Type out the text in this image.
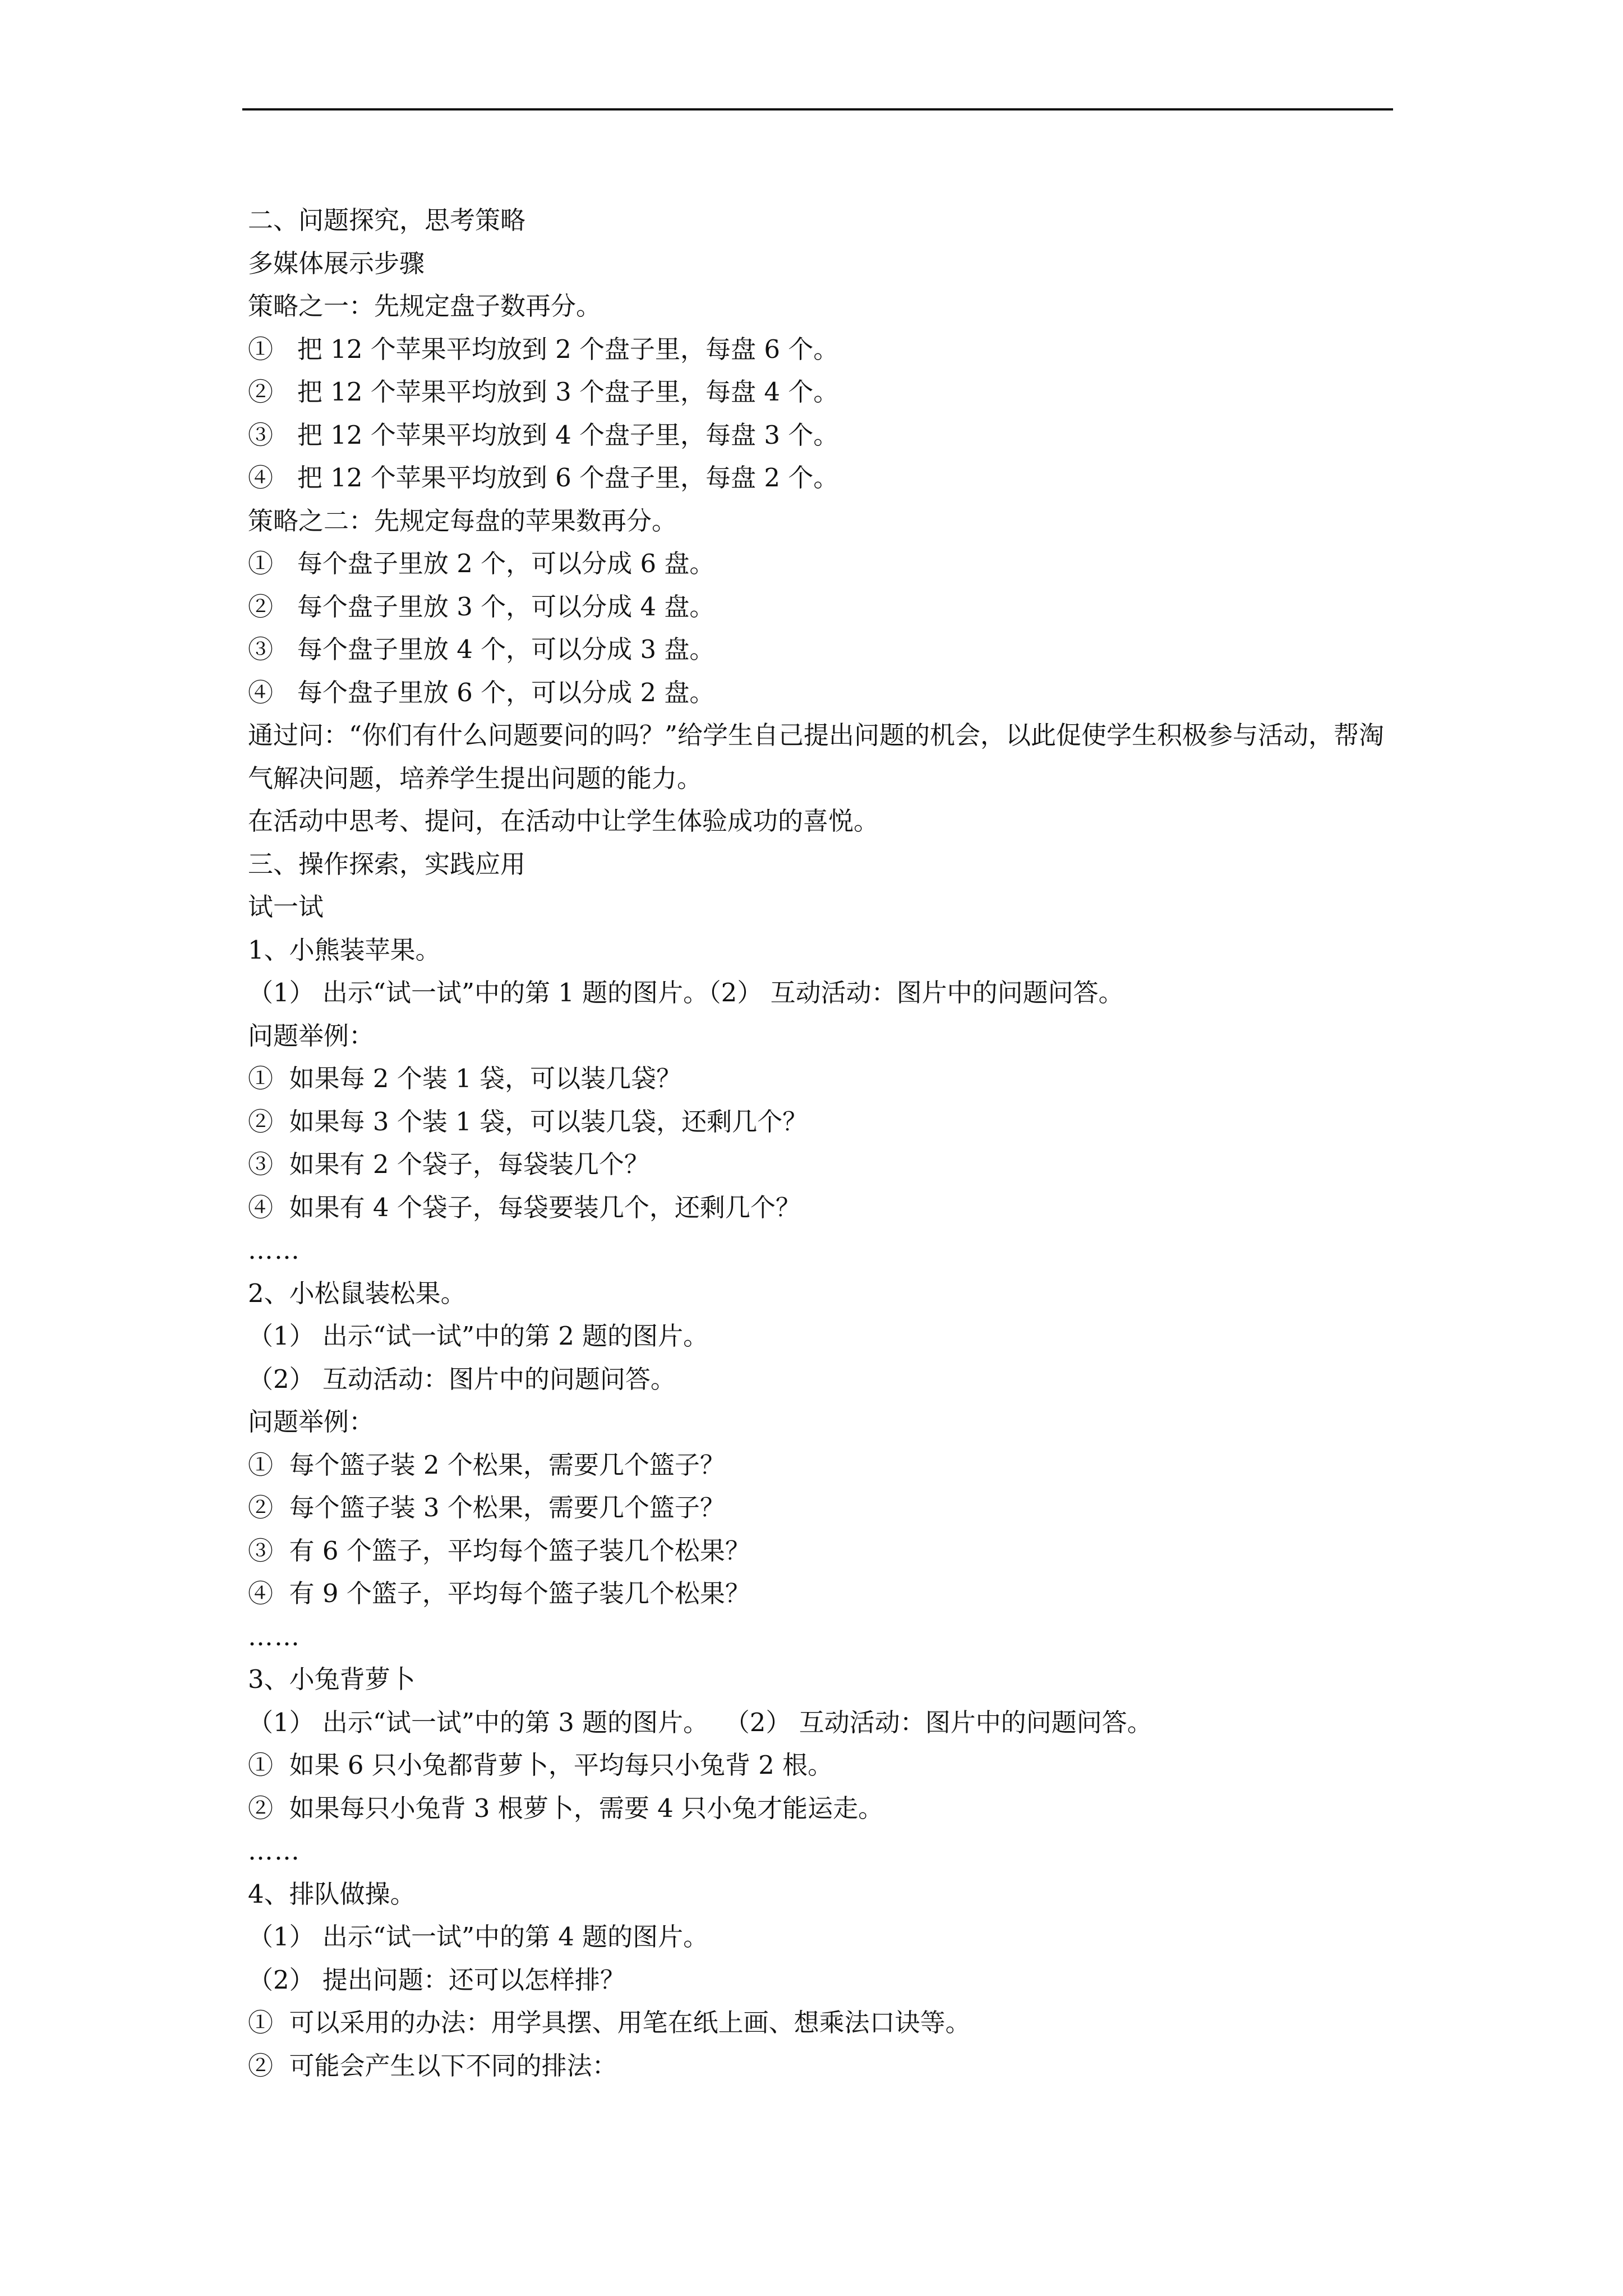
二、问题探究，思考策略

多媒体展示步骤

策略之一：先规定盘子数再分。

①   把 12 个苹果平均放到 2 个盘子里，每盘 6 个。

②   把 12 个苹果平均放到 3 个盘子里，每盘 4 个。

③   把 12 个苹果平均放到 4 个盘子里，每盘 3 个。

④   把 12 个苹果平均放到 6 个盘子里，每盘 2 个。

策略之二：先规定每盘的苹果数再分。

①   每个盘子里放 2 个，可以分成 6 盘。

②   每个盘子里放 3 个，可以分成 4 盘。

③   每个盘子里放 4 个，可以分成 3 盘。

④   每个盘子里放 6 个，可以分成 2 盘。

通过问：“你们有什么问题要问的吗？”给学生自己提出问题的机会，以此促使学生积极参与活动，帮淘气解决问题，培养学生提出问题的能力。

在活动中思考、提问，在活动中让学生体验成功的喜悦。

三、操作探索，实践应用

试一试

1、小熊装苹果。

（1） 出示“试一试”中的第 1 题的图片。（2） 互动活动：图片中的问题问答。

问题举例：

①  如果每 2 个装 1 袋，可以装几袋？

②  如果每 3 个装 1 袋，可以装几袋，还剩几个？

③  如果有 2 个袋子，每袋装几个？

④  如果有 4 个袋子，每袋要装几个，还剩几个？

……

2、小松鼠装松果。

（1） 出示“试一试”中的第 2 题的图片。

（2） 互动活动：图片中的问题问答。

问题举例：

①  每个篮子装 2 个松果，需要几个篮子？

②  每个篮子装 3 个松果，需要几个篮子？

③  有 6 个篮子，平均每个篮子装几个松果？

④  有 9 个篮子，平均每个篮子装几个松果？

……

3、小兔背萝卜

（1） 出示“试一试”中的第 3 题的图片。  （2） 互动活动：图片中的问题问答。

①  如果 6 只小兔都背萝卜，平均每只小兔背 2 根。

②  如果每只小兔背 3 根萝卜，需要 4 只小兔才能运走。

……

4、排队做操。

（1） 出示“试一试”中的第 4 题的图片。

（2） 提出问题：还可以怎样排？

①  可以采用的办法：用学具摆、用笔在纸上画、想乘法口诀等。

②  可能会产生以下不同的排法：
